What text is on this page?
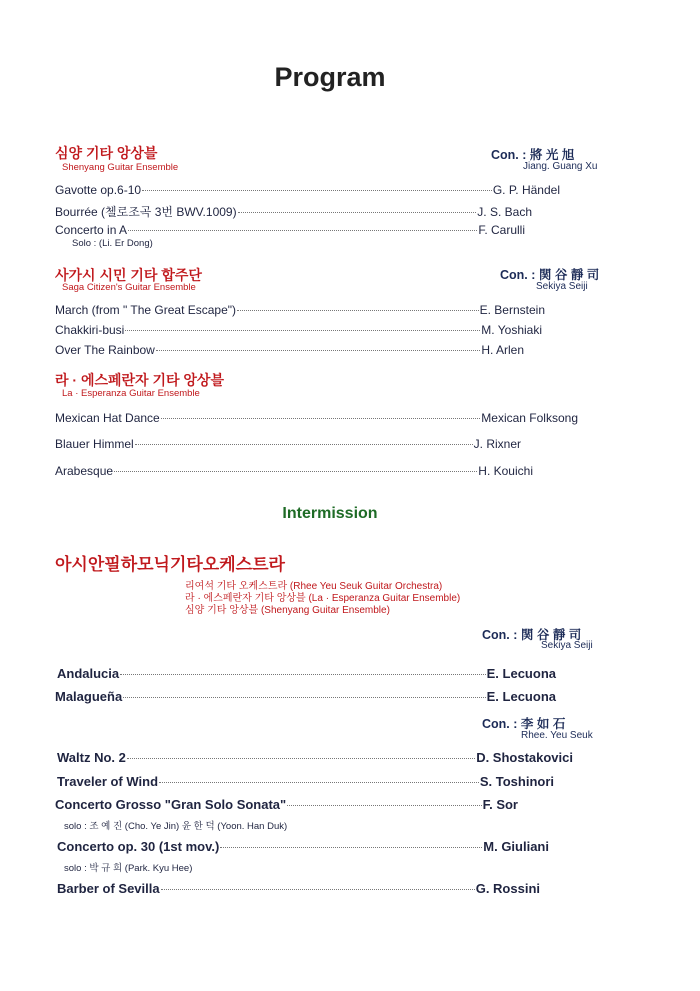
Program
심양 기타 앙상블
Shenyang Guitar Ensemble
Con. : 將 光 旭
Jiang. Guang Xu
Gavotte op.6-10	G. P. Händel
Bourrée (첼로조곡 3번 BWV.1009)	J. S. Bach
Concerto in A	F. Carulli
Solo : (Li. Er Dong)
사가시 시민 기타 합주단
Saga Citizen's Guitar Ensemble
Con. : 関 谷 靜 司
Sekiya Seiji
March (from " The Great Escape")	E. Bernstein
Chakkiri-busi	M. Yoshiaki
Over The Rainbow	H. Arlen
라 · 에스페란자 기타 앙상블
La · Esperanza Guitar Ensemble
Mexican Hat Dance	Mexican Folksong
Blauer Himmel	J. Rixner
Arabesque	H. Kouichi
Intermission
아시안필하모닉기타오케스트라
리여석 기타 오케스트라 (Rhee Yeu Seuk Guitar Orchestra)
라 · 에스페란자 기타 앙상블 (La · Esperanza Guitar Ensemble)
심양 기타 앙상블 (Shenyang Guitar Ensemble)
Con. : 関 谷 靜 司
Sekiya Seiji
Andalucia	E. Lecuona
Malagueña	E. Lecuona
Con. : 李 如 石
Rhee. Yeu Seuk
Waltz No. 2	D. Shostakovici
Traveler of Wind	S. Toshinori
Concerto Grosso "Gran Solo Sonata"	F. Sor
solo : 조 예 진 (Cho. Ye Jin) 윤 한 덕 (Yoon. Han Duk)
Concerto op. 30 (1st mov.)	M. Giuliani
solo : 박 규 희 (Park. Kyu Hee)
Barber of Sevilla	G. Rossini
